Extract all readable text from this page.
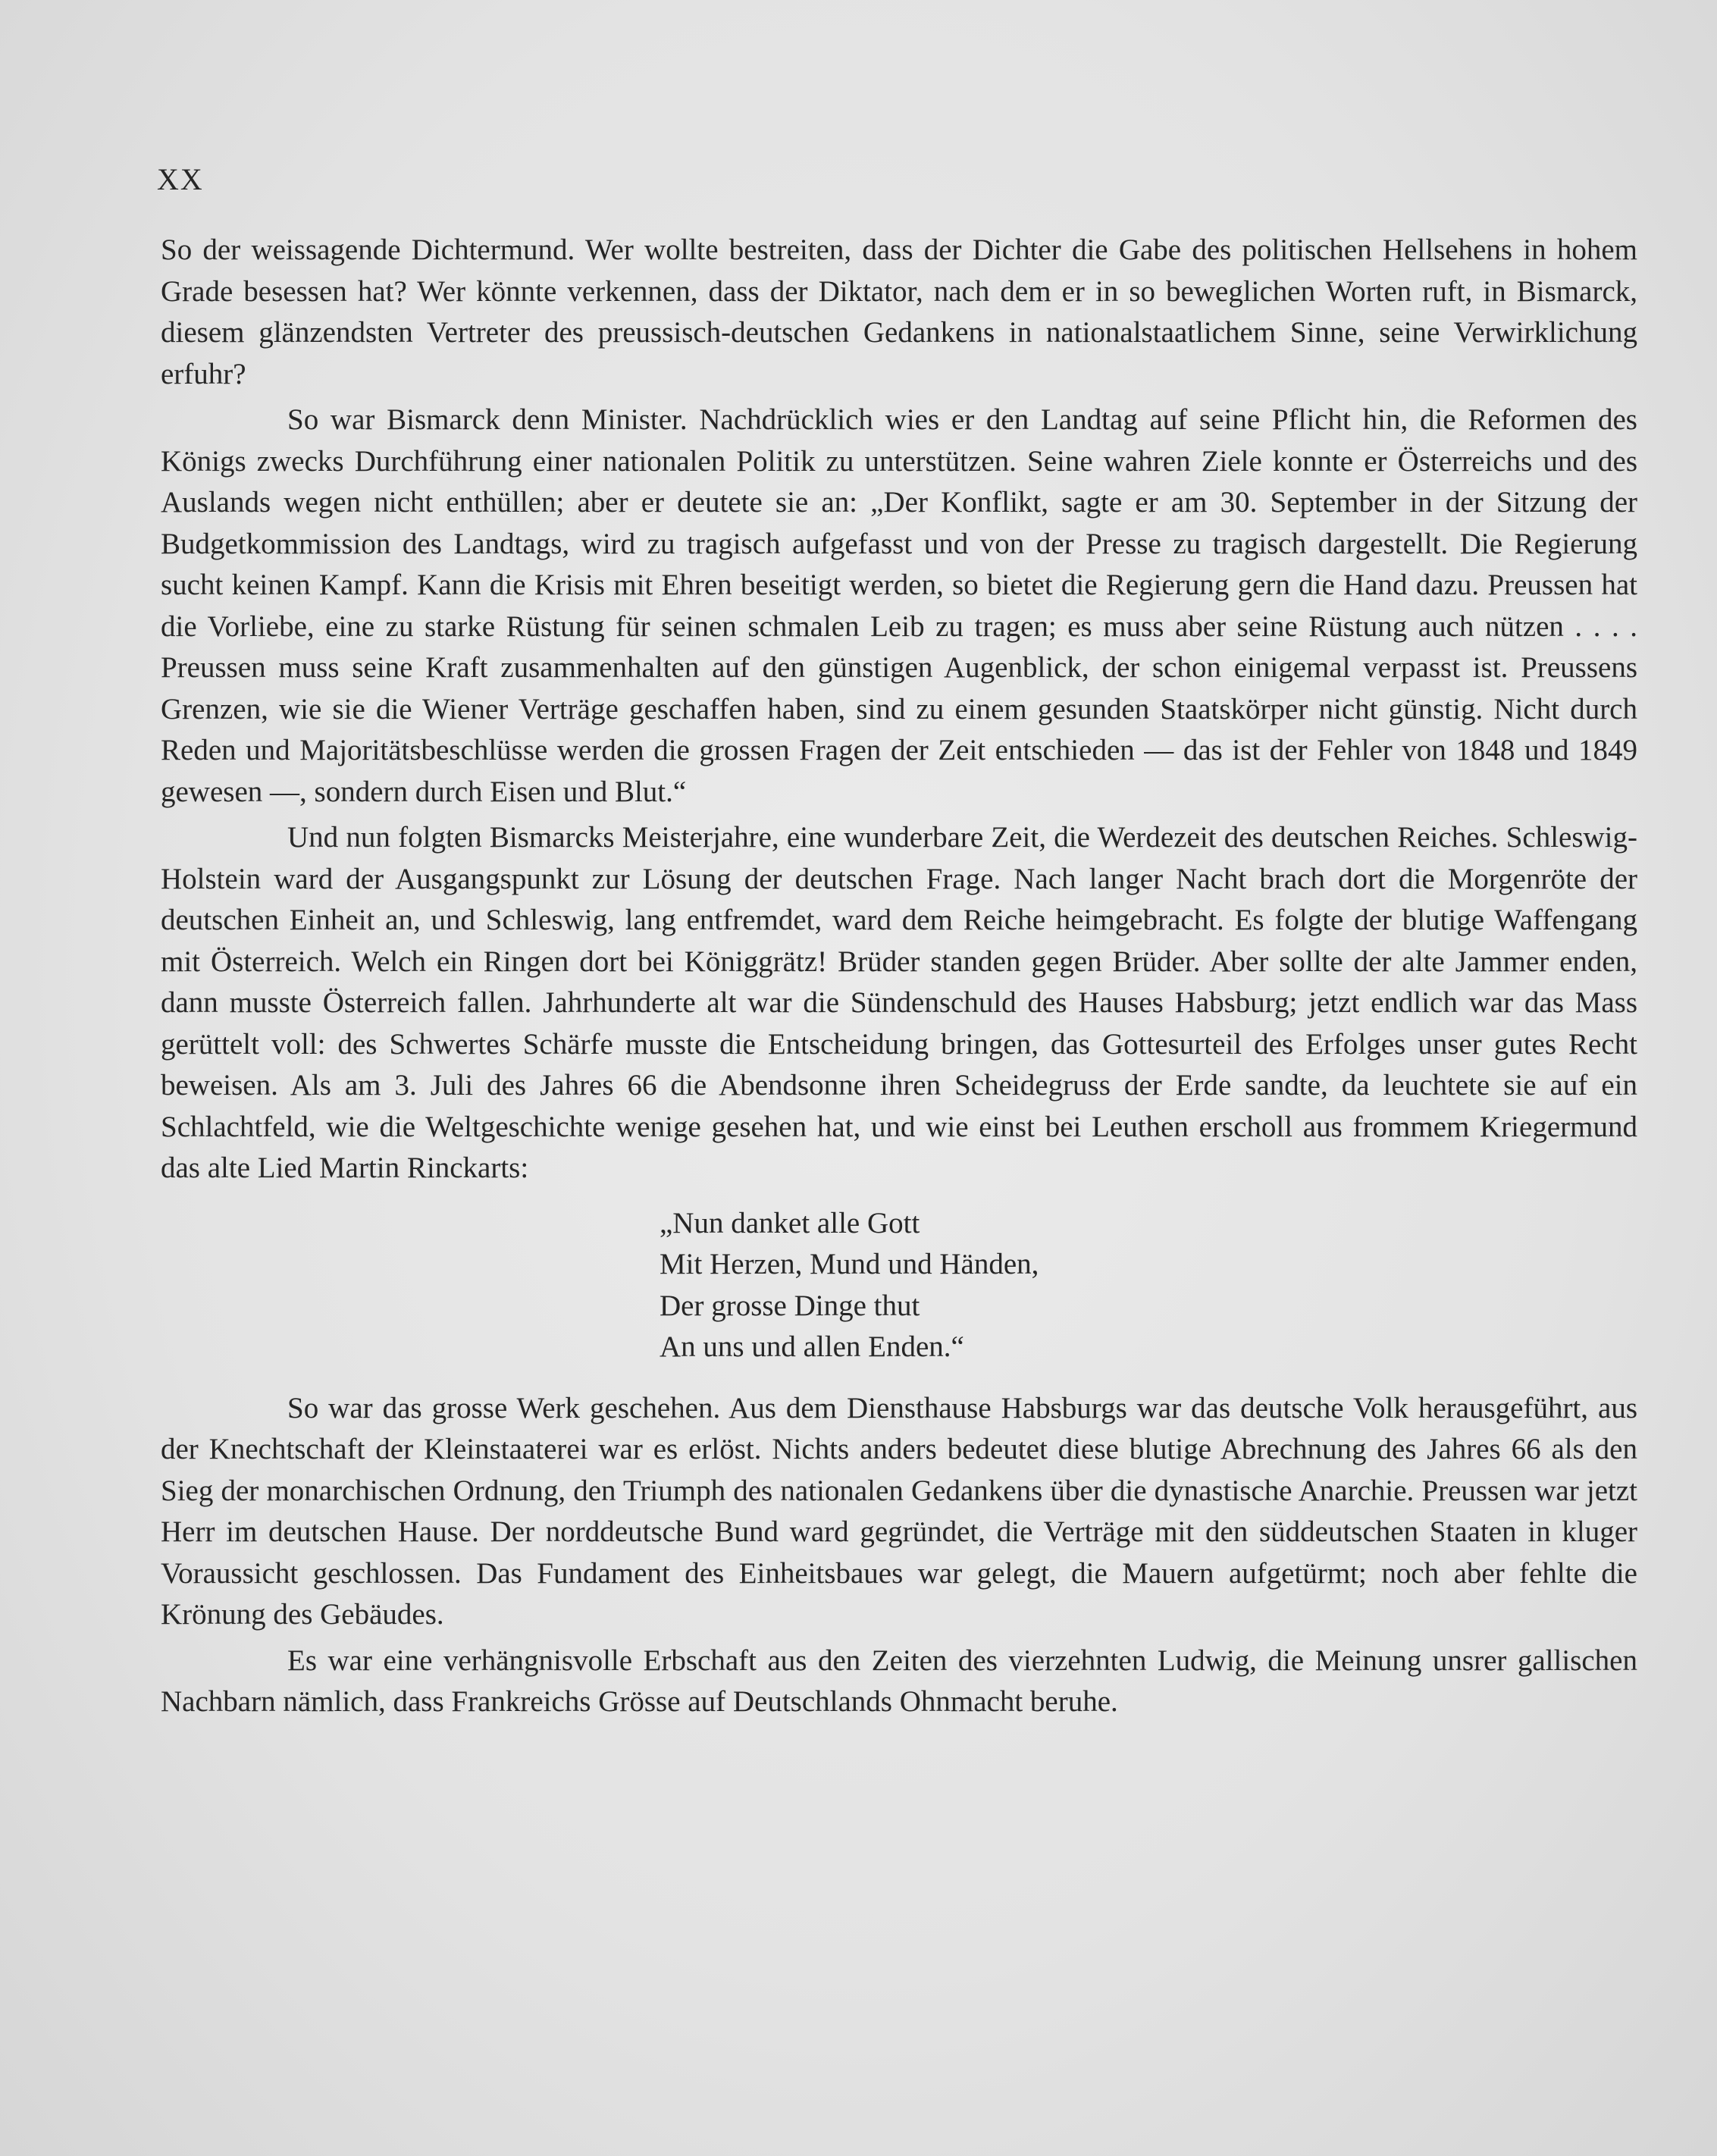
XX

So der weissagende Dichtermund. Wer wollte bestreiten, dass der Dichter die Gabe des politischen Hellsehens in hohem Grade besessen hat? Wer könnte verkennen, dass der Diktator, nach dem er in so beweglichen Worten ruft, in Bismarck, diesem glänzendsten Vertreter des preussisch-deutschen Gedankens in nationalstaatlichem Sinne, seine Verwirklichung erfuhr?

So war Bismarck denn Minister. Nachdrücklich wies er den Landtag auf seine Pflicht hin, die Reformen des Königs zwecks Durchführung einer nationalen Politik zu unterstützen. Seine wahren Ziele konnte er Österreichs und des Auslands wegen nicht enthüllen; aber er deutete sie an: „Der Konflikt, sagte er am 30. September in der Sitzung der Budgetkommission des Landtags, wird zu tragisch aufgefasst und von der Presse zu tragisch dargestellt. Die Regierung sucht keinen Kampf. Kann die Krisis mit Ehren beseitigt werden, so bietet die Regierung gern die Hand dazu. Preussen hat die Vorliebe, eine zu starke Rüstung für seinen schmalen Leib zu tragen; es muss aber seine Rüstung auch nützen . . . . Preussen muss seine Kraft zusammenhalten auf den günstigen Augenblick, der schon einigemal verpasst ist. Preussens Grenzen, wie sie die Wiener Verträge geschaffen haben, sind zu einem gesunden Staatskörper nicht günstig. Nicht durch Reden und Majoritätsbeschlüsse werden die grossen Fragen der Zeit entschieden — das ist der Fehler von 1848 und 1849 gewesen —, sondern durch Eisen und Blut.“

Und nun folgten Bismarcks Meisterjahre, eine wunderbare Zeit, die Werdezeit des deutschen Reiches. Schleswig-Holstein ward der Ausgangspunkt zur Lösung der deutschen Frage. Nach langer Nacht brach dort die Morgenröte der deutschen Einheit an, und Schleswig, lang entfremdet, ward dem Reiche heimgebracht. Es folgte der blutige Waffengang mit Österreich. Welch ein Ringen dort bei Königgrätz! Brüder standen gegen Brüder. Aber sollte der alte Jammer enden, dann musste Österreich fallen. Jahrhunderte alt war die Sündenschuld des Hauses Habsburg; jetzt endlich war das Mass gerüttelt voll: des Schwertes Schärfe musste die Entscheidung bringen, das Gottesurteil des Erfolges unser gutes Recht beweisen. Als am 3. Juli des Jahres 66 die Abendsonne ihren Scheidegruss der Erde sandte, da leuchtete sie auf ein Schlachtfeld, wie die Weltgeschichte wenige gesehen hat, und wie einst bei Leuthen erscholl aus frommem Kriegermund das alte Lied Martin Rinckarts:

„Nun danket alle Gott
Mit Herzen, Mund und Händen,
Der grosse Dinge thut
An uns und allen Enden.“

So war das grosse Werk geschehen. Aus dem Diensthause Habsburgs war das deutsche Volk herausgeführt, aus der Knechtschaft der Kleinstaaterei war es erlöst. Nichts anders bedeutet diese blutige Abrechnung des Jahres 66 als den Sieg der monarchischen Ordnung, den Triumph des nationalen Gedankens über die dynastische Anarchie. Preussen war jetzt Herr im deutschen Hause. Der norddeutsche Bund ward gegründet, die Verträge mit den süddeutschen Staaten in kluger Voraussicht geschlossen. Das Fundament des Einheitsbaues war gelegt, die Mauern aufgetürmt; noch aber fehlte die Krönung des Gebäudes.

Es war eine verhängnisvolle Erbschaft aus den Zeiten des vierzehnten Ludwig, die Meinung unsrer gallischen Nachbarn nämlich, dass Frankreichs Grösse auf Deutschlands Ohnmacht beruhe.
